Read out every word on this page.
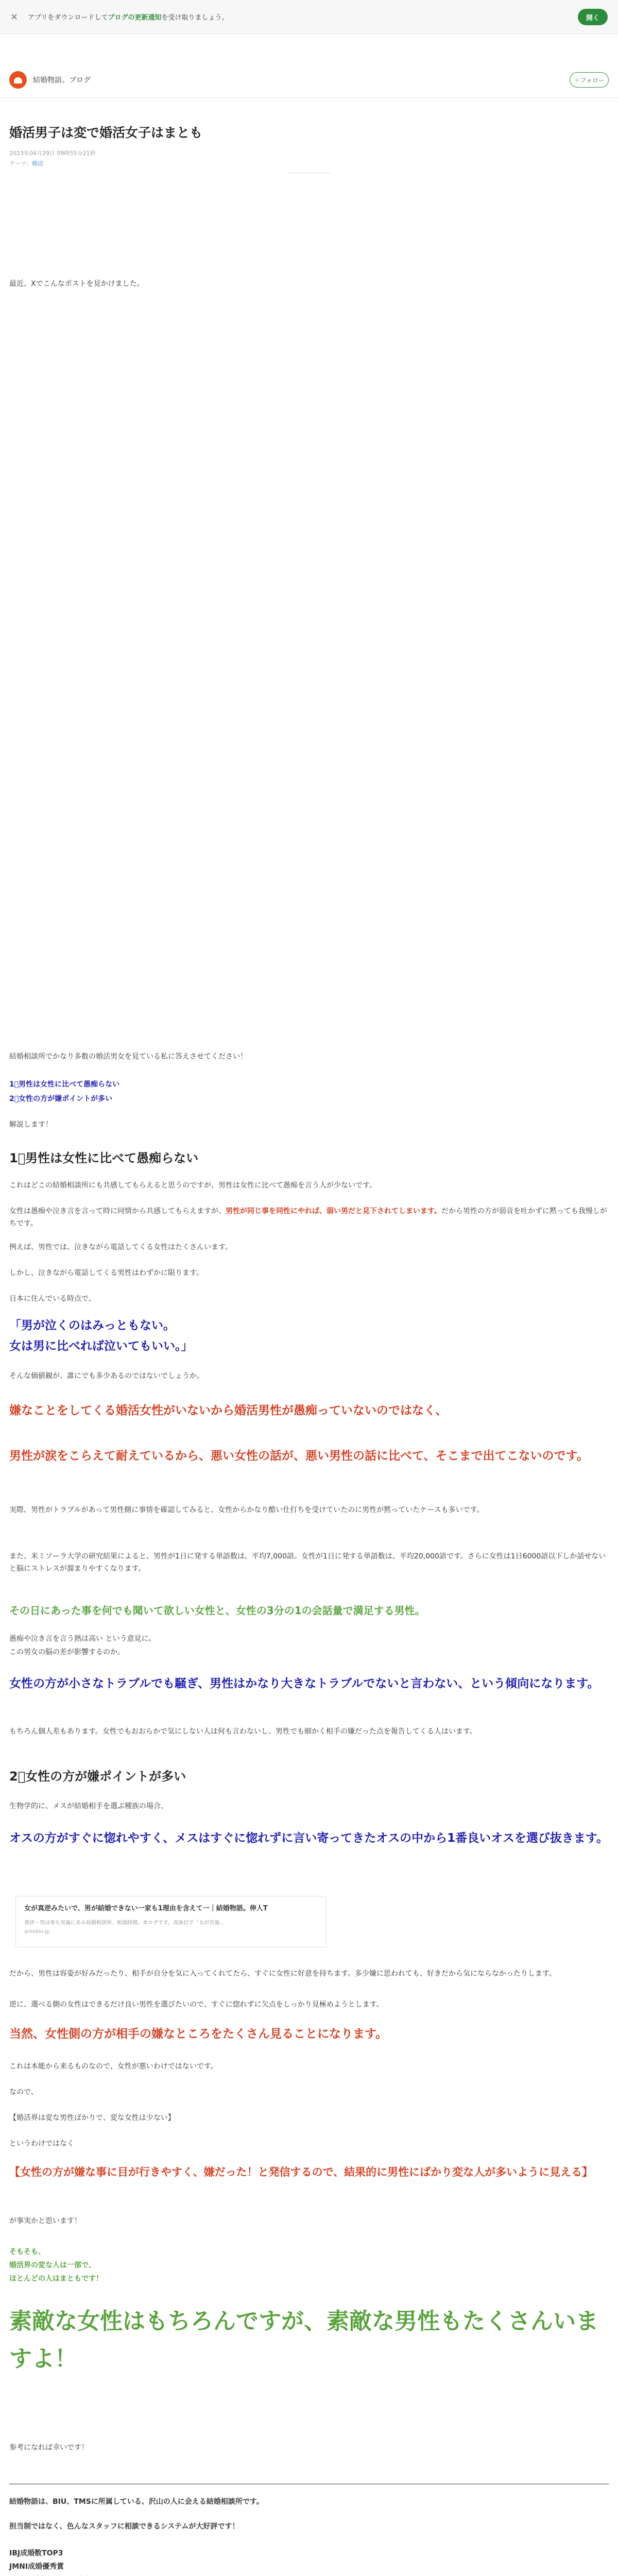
×	アプリをダウンロードしてブログの更新通知を受け取りましょう。	開く
結婚物語。ブログ	＋フォロー
婚活男子は変で婚活女子はまとも
2023年04月29日 09時55分21秒
テーマ：婚活
最近、Xでこんなポストを見かけました。
結婚相談所でかなり多数の婚活男女を見ている私に答えさせてください！
1⃣男性は女性に比べて愚痴らない
2⃣女性の方が嫌ポイントが多い
解説します！
1⃣男性は女性に比べて愚痴らない
これはどこの結婚相談所にも共感してもらえると思うのですが、男性は女性に比べて愚痴を言う人が少ないです。
女性は愚痴や泣き言を言って時に同情から共感してもらえますが、男性が同じ事を同性にやれば、弱い男だと見下されてしまいます。だから男性の方が弱音を吐かずに黙っても我慢しがちです。
例えば、男性では、泣きながら電話してくる女性はたくさんいます。
しかし、泣きながら電話してくる男性はわずかに限ります。
日本に住んでいる時点で、
「男が泣くのはみっともない。
女は男に比べれば泣いてもいい。」
そんな価値観が、誰にでも多少あるのではないでしょうか。
嫌なことをしてくる婚活女性がいないから婚活男性が愚痴っていないのではなく、
男性が涙をこらえて耐えているから、悪い女性の話が、悪い男性の話に比べて、そこまで出てこないのです。
実際、男性がトラブルがあって男性側に事情を確認してみると、女性からかなり酷い仕打ちを受けていたのに男性が黙っていたケースも多いです。
また、米ミソーラ大学の研究結果によると、男性が1日に発する単語数は、平均7,000語。女性が1日に発する単語数は、平均20,000語です。さらに女性は1日6000語以下しか話せないと脳にストレスが溜まりやすくなります。
その日にあった事を何でも聞いて欲しい女性と、女性の3分の1の会話量で満足する男性。
愚痴や泣き言を言う熱は高い という意見に。
この男女の脳の差が影響するのか。
女性の方が小さなトラブルでも騒ぎ、男性はかなり大きなトラブルでないと言わない、という傾向になります。
もちろん個人差もあります。女性でもおおらかで気にしない人は何も言わないし、男性でも細かく相手の嫌だった点を報告してくる人はいます。
2⃣女性の方が嫌ポイントが多い
生物学的に、メスが結婚相手を選ぶ種族の場合、
オスの方がすぐに惚れやすく、メスはすぐに惚れずに言い寄ってきたオスの中から1番良いオスを選び抜きます。
女が真逆みたいで、男が結婚できない一家も1理由を含えて一｜結婚物語。伸人T
書評・男は専ら実施にある結婚相談所、相談時間、本ログです。真面目で「女が苦強…
ameblo.jp
だから、男性は容姿が好みだったり、相手が自分を気に入ってくれてたら、すぐに女性に好意を持ちます。多少嫌に思われても、好きだから気にならなかったりします。
逆に、選べる側の女性はできるだけ良い男性を選びたいので、すぐに惚れずに欠点をしっかり見極めようとします。
当然、女性側の方が相手の嫌なところをたくさん見ることになります。
これは本能から来るものなので、女性が悪いわけではないです。
なので、
【婚活界は変な男性ばかりで、変な女性は少ない】
というわけではなく
【女性の方が嫌な事に目が行きやすく、嫌だった！と発信するので、結果的に男性にばかり変な人が多いように見える】
が事実かと思います！
そもそも、
婚活界の変な人は一部で、
ほとんどの人はまともです！
素敵な女性はもちろんですが、素敵な男性もたくさんいますよ！
参考になれば幸いです！
結婚物語は、BIU、TMSに所属している、沢山の人に会える結婚相談所です。
担当制ではなく、色んなスタッフに相談できるシステムが大好評です！
IBJ成婚数TOP3
JMNI成婚優秀賞
